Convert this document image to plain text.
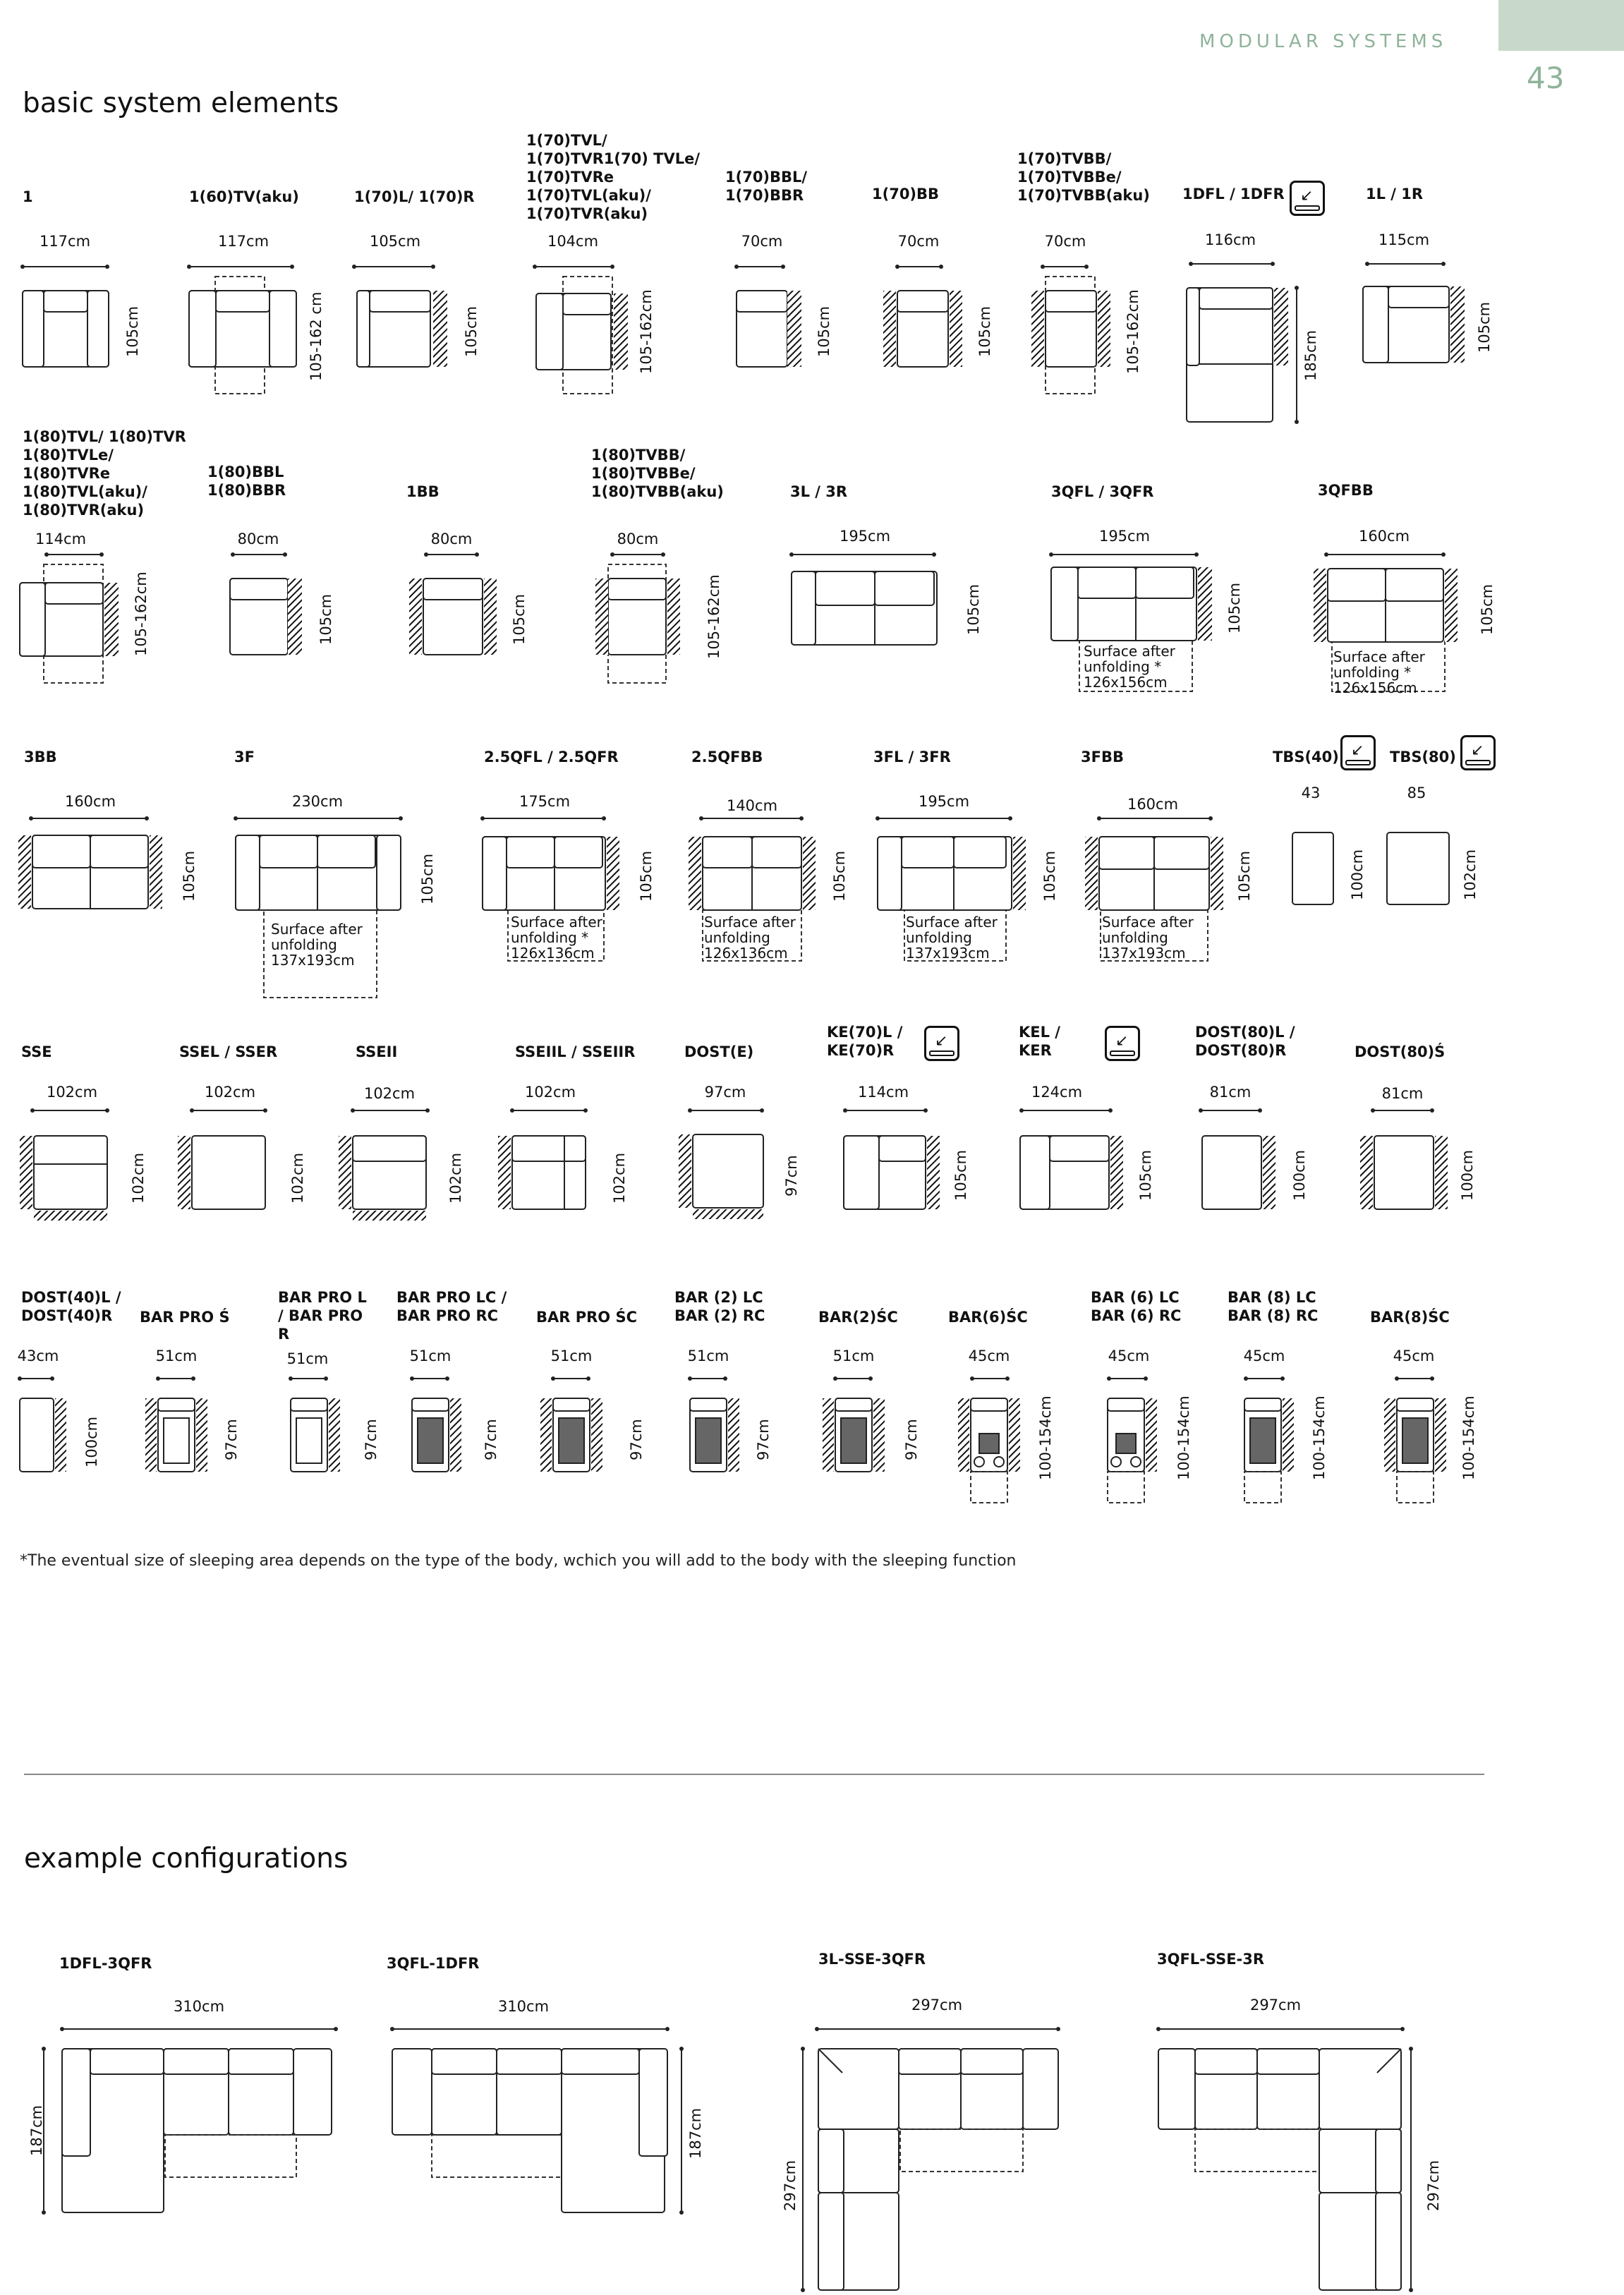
MODULAR SYSTEMS
43
basic system elements
example configurations
*The eventual size of sleeping area depends on the type of the body, wchich you will add to the body with the sleeping function
1
117cm
105cm
1(60)TV(aku)
117cm
105-162 cm
1(70)L/ 1(70)R
105cm
105cm
1(70)TVL/ 1(70)TVR1(70) TVLe/ 1(70)TVRe 1(70)TVL(aku)/ 1(70)TVR(aku)
104cm
105-162cm
1(70)BBL/ 1(70)BBR
70cm
105cm
1(70)BB
70cm
105cm
1(70)TVBB/ 1(70)TVBBe/ 1(70)TVBB(aku)
70cm
105-162cm
1DFL / 1DFR ↙
116cm
185cm
1L / 1R
115cm
105cm
1(80)TVL/ 1(80)TVR 1(80)TVLe/ 1(80)TVRe 1(80)TVL(aku)/ 1(80)TVR(aku)
114cm
105-162cm
1(80)BBL 1(80)BBR
80cm
105cm
1BB
80cm
105cm
1(80)TVBB/ 1(80)TVBBe/ 1(80)TVBB(aku)
80cm
105-162cm
3L / 3R
195cm
105cm
3QFL / 3QFR
195cm
105cm
Surface after
unfolding *
126x156cm
3QFBB
160cm
105cm
Surface after
unfolding *
126x156cm
3BB
160cm
105cm
3F
230cm
105cm
Surface after
unfolding
137x193cm
2.5QFL / 2.5QFR
175cm
105cm
Surface after
unfolding *
126x136cm
2.5QFBB
140cm
105cm
Surface after
unfolding
126x136cm
3FL / 3FR
195cm
105cm
Surface after
unfolding
137x193cm
3FBB
160cm
105cm
Surface after
unfolding
137x193cm
TBS(40) ↙
43
100cm
TBS(80) ↙
85
102cm
SSE
102cm
102cm
SSEL / SSER
102cm
102cm
SSEII
102cm
102cm
SSEIIL / SSEIIR
102cm
102cm
DOST(E)
97cm
97cm
KE(70)L / KE(70)R
↙
114cm
105cm
KEL / KER
↙
124cm
105cm
DOST(80)L / DOST(80)R
81cm
100cm
DOST(80)Ś
81cm
100cm
DOST(40)L / DOST(40)R
43cm
100cm
BAR PRO Ś
51cm
97cm
BAR PRO L / BAR PRO R
51cm
97cm
BAR PRO LC / BAR PRO RC
51cm
97cm
BAR PRO ŚC
51cm
97cm
BAR (2) LC BAR (2) RC
51cm
97cm
BAR(2)ŚC
51cm
97cm
BAR(6)ŚC
45cm
100-154cm
BAR (6) LC BAR (6) RC
45cm
100-154cm
BAR (8) LC BAR (8) RC
45cm
100-154cm
BAR(8)ŚC
45cm
100-154cm
1DFL-3QFR
310cm
187cm
3QFL-1DFR
310cm
187cm
3L-SSE-3QFR
297cm
297cm
3QFL-SSE-3R
297cm
297cm
